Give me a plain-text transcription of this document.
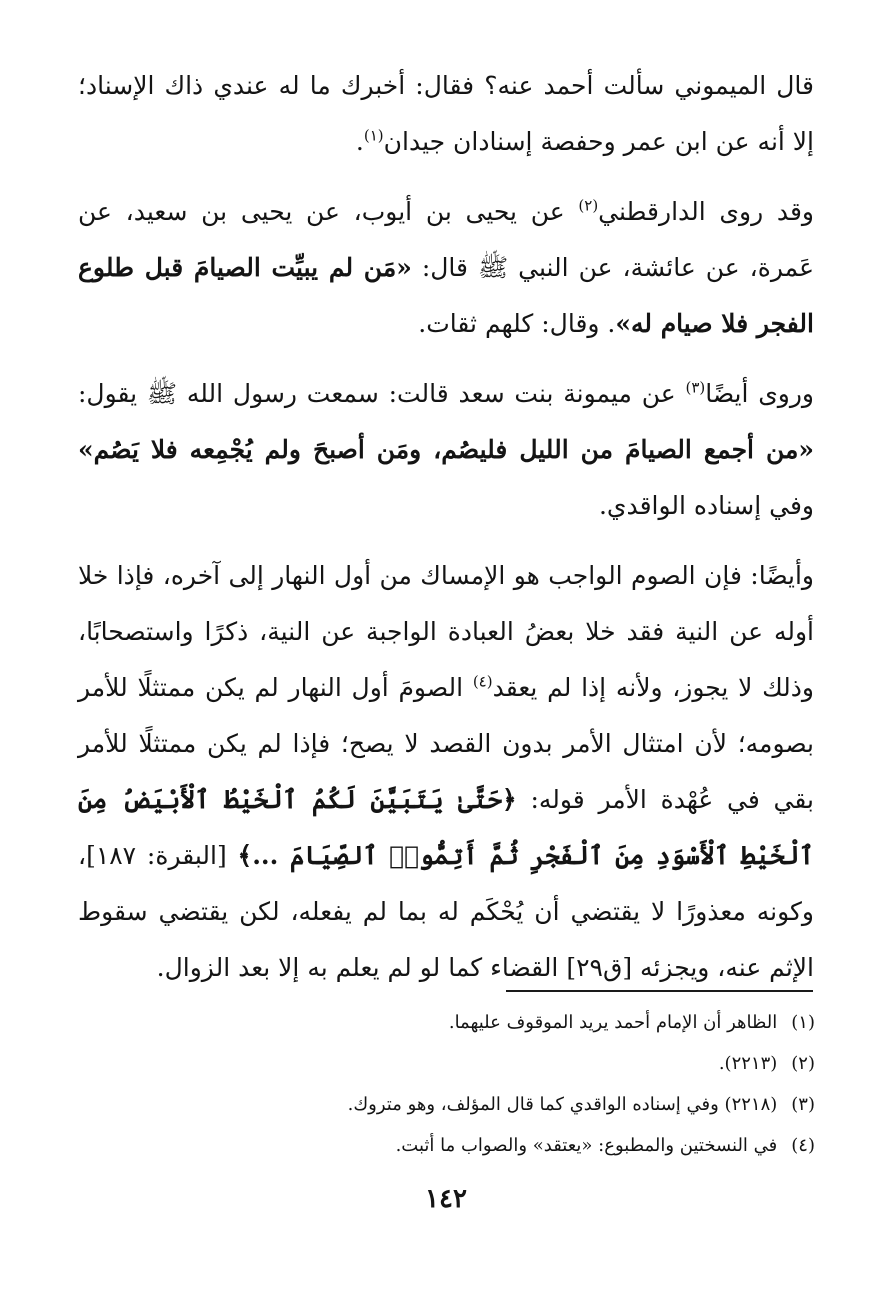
قال الميموني سألت أحمد عنه؟ فقال: أخبرك ما له عندي ذاك الإسناد؛ إلا أنه عن ابن عمر وحفصة إسنادان جيدان$^{(١)}$.

وقد روى الدارقطني$^{(٢)}$ عن يحيى بن أيوب، عن يحيى بن سعيد، عن عَمرة، عن عائشة، عن النبي ﷺ قال: «مَن لم يبيِّت الصيامَ قبل طلوع الفجر فلا صيام له». وقال: كلهم ثقات.

وروى أيضًا$^{(٣)}$ عن ميمونة بنت سعد قالت: سمعت رسول الله ﷺ يقول: «من أجمع الصيامَ من الليل فليصُم، ومَن أصبحَ ولم يُجْمِعه فلا يَصُم» وفي إسناده الواقدي.

وأيضًا: فإن الصوم الواجب هو الإمساك من أول النهار إلى آخره، فإذا خلا أوله عن النية فقد خلا بعضُ العبادة الواجبة عن النية، ذكرًا واستصحابًا، وذلك لا يجوز، ولأنه إذا لم يعقد$^{(٤)}$ الصومَ أول النهار لم يكن ممتثلًا للأمر بصومه؛ لأن امتثال الأمر بدون القصد لا يصح؛ فإذا لم يكن ممتثلًا للأمر بقي في عُهْدة الأمر قوله: ﴿حَتَّىٰ يَتَبَيَّنَ لَكُمُ ٱلْخَيْطُ ٱلْأَبْيَضُ مِنَ ٱلْخَيْطِ ٱلْأَسْوَدِ مِنَ ٱلْفَجْرِ ثُمَّ أَتِمُّوا۟ ٱلصِّيَامَ ...﴾ [البقرة: ١٨٧]، وكونه معذورًا لا يقتضي أن يُحْكَم له بما لم يفعله، لكن يقتضي سقوط الإثم عنه، ويجزئه [ق٢٩] القضاء كما لو لم يعلم به إلا بعد الزوال.

(١)الظاهر أن الإمام أحمد يريد الموقوف عليهما.
(٢)(٢٢١٣).
(٣)(٢٢١٨) وفي إسناده الواقدي كما قال المؤلف، وهو متروك.
(٤)في النسختين والمطبوع: «يعتقد» والصواب ما أثبت.
١٤٢
